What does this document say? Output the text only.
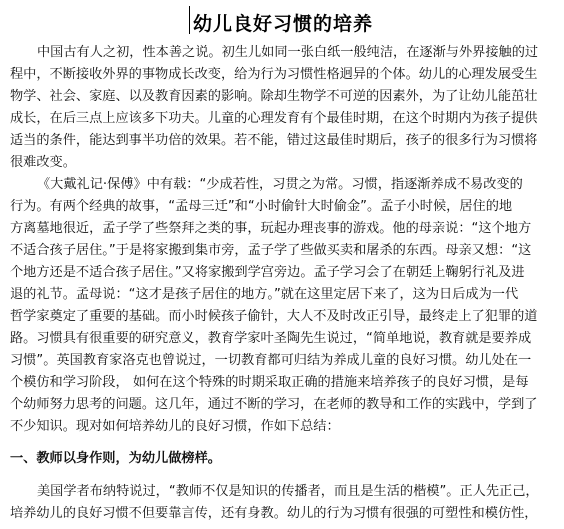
幼儿良好习惯的培养
中国古有人之初，性本善之说。初生儿如同一张白纸一般纯洁，在逐渐与外界接触的过
程中，不断接收外界的事物成长改变，给为行为习惯性格迥异的个体。幼儿的心理发展受生
物学、社会、家庭、以及教育因素的影响。除却生物学不可逆的因素外，为了让幼儿能茁壮
成长，在后三点上应该多下功夫。儿童的心理发育有个最佳时期，在这个时期内为孩子提供
适当的条件，能达到事半功倍的效果。若不能，错过这最佳时期后，孩子的很多行为习惯将
很难改变。
《大戴礼记·保傅》中有载：“少成若性，习贯之为常。习惯，指逐渐养成不易改变的
行为。有两个经典的故事，“孟母三迁”和“小时偷针大时偷金”。孟子小时候，居住的地
方离墓地很近，孟子学了些祭拜之类的事，玩起办理丧事的游戏。他的母亲说：“这个地方
不适合孩子居住。”于是将家搬到集市旁，孟子学了些做买卖和屠杀的东西。母亲又想：“这
个地方还是不适合孩子居住。”又将家搬到学宫旁边。孟子学习会了在朝廷上鞠躬行礼及进
退的礼节。孟母说：“这才是孩子居住的地方。”就在这里定居下来了，这为日后成为一代
哲学家奠定了重要的基础。而小时候孩子偷针，大人不及时改正引导，最终走上了犯罪的道
路。习惯具有很重要的研究意义，教育学家叶圣陶先生说过，“简单地说，教育就是要养成
习惯”。英国教育家洛克也曾说过，一切教育都可归结为养成儿童的良好习惯。幼儿处在一
个模仿和学习阶段， 如何在这个特殊的时期采取正确的措施来培养孩子的良好习惯，是每
个幼师努力思考的问题。这几年，通过不断的学习，在老师的教导和工作的实践中，学到了
不少知识。现对如何培养幼儿的良好习惯，作如下总结：
一、教师以身作则，为幼儿做榜样。
美国学者布纳特说过，“教师不仅是知识的传播者，而且是生活的楷模”。正人先正己，
培养幼儿的良好习惯不但要靠言传，还有身教。幼儿的行为习惯有很强的可塑性和模仿性，
